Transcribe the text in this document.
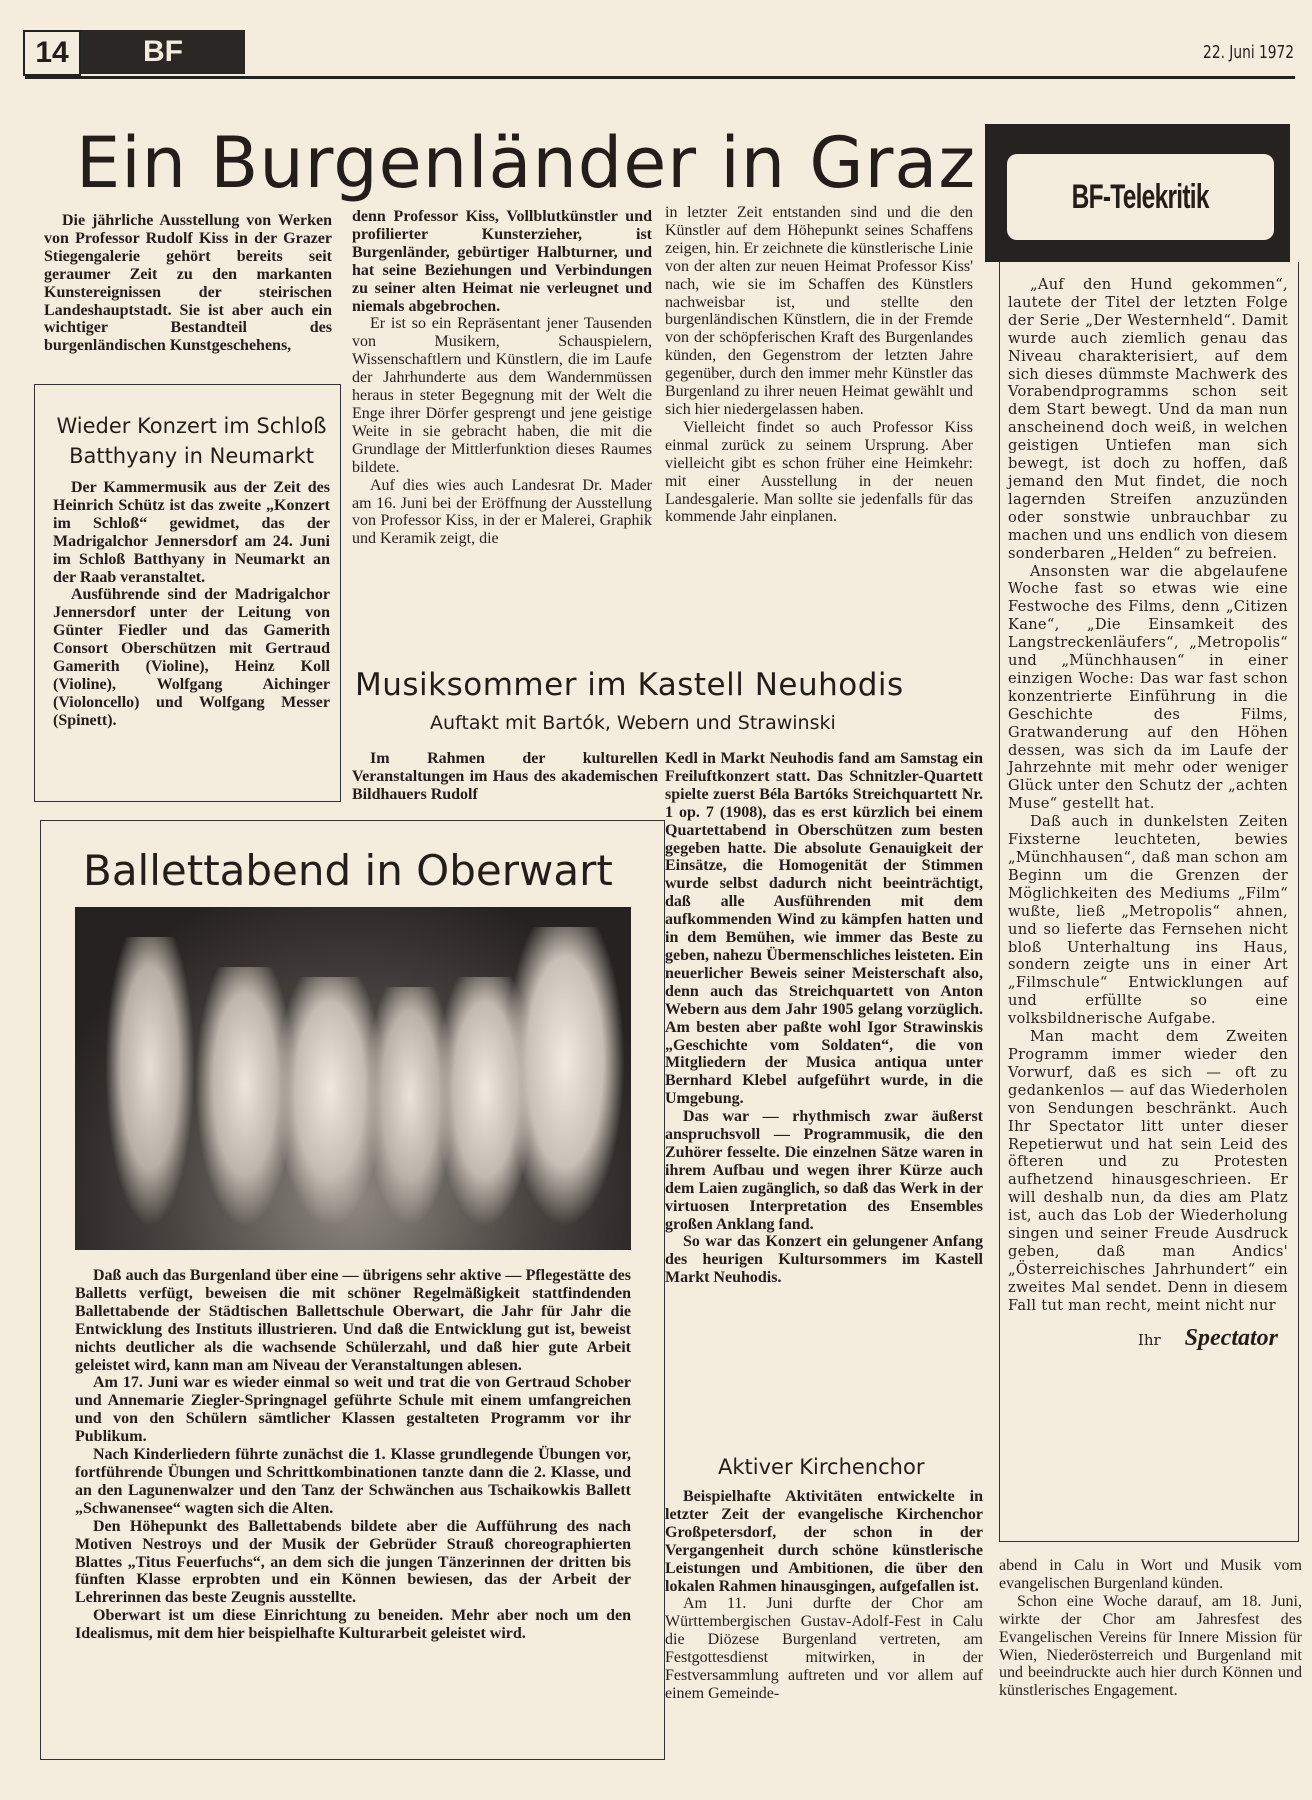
14	BF	22. Juni 1972
Ein Burgenländer in Graz	BF-Telekritik

Die jährliche Ausstellung von Werken von Professor Rudolf Kiss in der Grazer Stiegengalerie gehört bereits seit geraumer Zeit zu den markanten Kunstereignissen der steirischen Landeshauptstadt. Sie ist aber auch ein wichtiger Bestandteil des burgenländischen Kunstgeschehens,

denn Professor Kiss, Vollblutkünstler und profilierter Kunsterzieher, ist Burgenländer, gebürtiger Halbturner, und hat seine Beziehungen und Verbindungen zu seiner alten Heimat nie verleugnet und niemals abgebrochen.

Er ist so ein Repräsentant jener Tausenden von Musikern, Schauspielern, Wissenschaftlern und Künstlern, die im Laufe der Jahrhunderte aus dem Wandernmüssen heraus in steter Begegnung mit der Welt die Enge ihrer Dörfer gesprengt und jene geistige Weite in sie gebracht haben, die mit die Grundlage der Mittlerfunktion dieses Raumes bildete.

Auf dies wies auch Landesrat Dr. Mader am 16. Juni bei der Eröffnung der Ausstellung von Professor Kiss, in der er Malerei, Graphik und Keramik zeigt, die

in letzter Zeit entstanden sind und die den Künstler auf dem Höhepunkt seines Schaffens zeigen, hin. Er zeichnete die künstlerische Linie von der alten zur neuen Heimat Professor Kiss' nach, wie sie im Schaffen des Künstlers nachweisbar ist, und stellte den burgenländischen Künstlern, die in der Fremde von der schöpferischen Kraft des Burgenlandes künden, den Gegenstrom der letzten Jahre gegenüber, durch den immer mehr Künstler das Burgenland zu ihrer neuen Heimat gewählt und sich hier niedergelassen haben.

Vielleicht findet so auch Professor Kiss einmal zurück zu seinem Ursprung. Aber vielleicht gibt es schon früher eine Heimkehr: mit einer Ausstellung in der neuen Landesgalerie. Man sollte sie jedenfalls für das kommende Jahr einplanen.

Wieder Konzert im Schloß Batthyany in Neumarkt

Der Kammermusik aus der Zeit des Heinrich Schütz ist das zweite „Konzert im Schloß“ gewidmet, das der Madrigalchor Jennersdorf am 24. Juni im Schloß Batthyany in Neumarkt an der Raab veranstaltet.

Ausführende sind der Madrigalchor Jennersdorf unter der Leitung von Günter Fiedler und das Gamerith Consort Oberschützen mit Gertraud Gamerith (Violine), Heinz Koll (Violine), Wolfgang Aichinger (Violoncello) und Wolfgang Messer (Spinett).

Musiksommer im Kastell Neuhodis
Auftakt mit Bartók, Webern und Strawinski

Im Rahmen der kulturellen Veranstaltungen im Haus des akademischen Bildhauers Rudolf

Kedl in Markt Neuhodis fand am Samstag ein Freiluftkonzert statt. Das Schnitzler-Quartett spielte zuerst Béla Bartóks Streichquartett Nr. 1 op. 7 (1908), das es erst kürzlich bei einem Quartettabend in Oberschützen zum besten gegeben hatte. Die absolute Genauigkeit der Einsätze, die Homogenität der Stimmen wurde selbst dadurch nicht beeinträchtigt, daß alle Ausführenden mit dem aufkommenden Wind zu kämpfen hatten und in dem Bemühen, wie immer das Beste zu geben, nahezu Übermenschliches leisteten. Ein neuerlicher Beweis seiner Meisterschaft also, denn auch das Streichquartett von Anton Webern aus dem Jahr 1905 gelang vorzüglich. Am besten aber paßte wohl Igor Strawinskis „Geschichte vom Soldaten“, die von Mitgliedern der Musica antiqua unter Bernhard Klebel aufgeführt wurde, in die Umgebung.

Das war — rhythmisch zwar äußerst anspruchsvoll — Programmusik, die den Zuhörer fesselte. Die einzelnen Sätze waren in ihrem Aufbau und wegen ihrer Kürze auch dem Laien zugänglich, so daß das Werk in der virtuosen Interpretation des Ensembles großen Anklang fand.

So war das Konzert ein gelungener Anfang des heurigen Kultursommers im Kastell Markt Neuhodis.

Aktiver Kirchenchor

Beispielhafte Aktivitäten entwickelte in letzter Zeit der evangelische Kirchenchor Großpetersdorf, der schon in der Vergangenheit durch schöne künstlerische Leistungen und Ambitionen, die über den lokalen Rahmen hinausgingen, aufgefallen ist.

Am 11. Juni durfte der Chor am Württembergischen Gustav-Adolf-Fest in Calu die Diözese Burgenland vertreten, am Festgottesdienst mitwirken, in der Festversammlung auftreten und vor allem auf einem Gemeinde-

abend in Calu in Wort und Musik vom evangelischen Burgenland künden.

Schon eine Woche darauf, am 18. Juni, wirkte der Chor am Jahresfest des Evangelischen Vereins für Innere Mission für Wien, Niederösterreich und Burgenland mit und beeindruckte auch hier durch Können und künstlerisches Engagement.

Ballettabend in Oberwart

Daß auch das Burgenland über eine — übrigens sehr aktive — Pflegestätte des Balletts verfügt, beweisen die mit schöner Regelmäßigkeit stattfindenden Ballettabende der Städtischen Ballettschule Oberwart, die Jahr für Jahr die Entwicklung des Instituts illustrieren. Und daß die Entwicklung gut ist, beweist nichts deutlicher als die wachsende Schülerzahl, und daß hier gute Arbeit geleistet wird, kann man am Niveau der Veranstaltungen ablesen.

Am 17. Juni war es wieder einmal so weit und trat die von Gertraud Schober und Annemarie Ziegler-Springnagel geführte Schule mit einem umfangreichen und von den Schülern sämtlicher Klassen gestalteten Programm vor ihr Publikum.

Nach Kinderliedern führte zunächst die 1. Klasse grundlegende Übungen vor, fortführende Übungen und Schrittkombinationen tanzte dann die 2. Klasse, und an den Lagunenwalzer und den Tanz der Schwänchen aus Tschaikowkis Ballett „Schwanensee“ wagten sich die Alten.

Den Höhepunkt des Ballettabends bildete aber die Aufführung des nach Motiven Nestroys und der Musik der Gebrüder Strauß choreographierten Blattes „Titus Feuerfuchs“, an dem sich die jungen Tänzerinnen der dritten bis fünften Klasse erprobten und ein Können bewiesen, das der Arbeit der Lehrerinnen das beste Zeugnis ausstellte.

Oberwart ist um diese Einrichtung zu beneiden. Mehr aber noch um den Idealismus, mit dem hier beispielhafte Kulturarbeit geleistet wird.

„Auf den Hund gekommen“, lautete der Titel der letzten Folge der Serie „Der Westernheld“. Damit wurde auch ziemlich genau das Niveau charakterisiert, auf dem sich dieses dümmste Machwerk des Vorabendprogramms schon seit dem Start bewegt. Und da man nun anscheinend doch weiß, in welchen geistigen Untiefen man sich bewegt, ist doch zu hoffen, daß jemand den Mut findet, die noch lagernden Streifen anzuzünden oder sonstwie unbrauchbar zu machen und uns endlich von diesem sonderbaren „Helden“ zu befreien.

Ansonsten war die abgelaufene Woche fast so etwas wie eine Festwoche des Films, denn „Citizen Kane“, „Die Einsamkeit des Langstreckenläufers“, „Metropolis“ und „Münchhausen“ in einer einzigen Woche: Das war fast schon konzentrierte Einführung in die Geschichte des Films, Gratwanderung auf den Höhen dessen, was sich da im Laufe der Jahrzehnte mit mehr oder weniger Glück unter den Schutz der „achten Muse“ gestellt hat.

Daß auch in dunkelsten Zeiten Fixsterne leuchteten, bewies „Münchhausen“, daß man schon am Beginn um die Grenzen der Möglichkeiten des Mediums „Film“ wußte, ließ „Metropolis“ ahnen, und so lieferte das Fernsehen nicht bloß Unterhaltung ins Haus, sondern zeigte uns in einer Art „Filmschule“ Entwicklungen auf und erfüllte so eine volksbildnerische Aufgabe.

Man macht dem Zweiten Programm immer wieder den Vorwurf, daß es sich — oft zu gedankenlos — auf das Wiederholen von Sendungen beschränkt. Auch Ihr Spectator litt unter dieser Repetierwut und hat sein Leid des öfteren und zu Protesten aufhetzend hinausgeschrieen. Er will deshalb nun, da dies am Platz ist, auch das Lob der Wiederholung singen und seiner Freude Ausdruck geben, daß man Andics' „Österreichisches Jahrhundert“ ein zweites Mal sendet. Denn in diesem Fall tut man recht, meint nicht nur

Ihr Spectator
